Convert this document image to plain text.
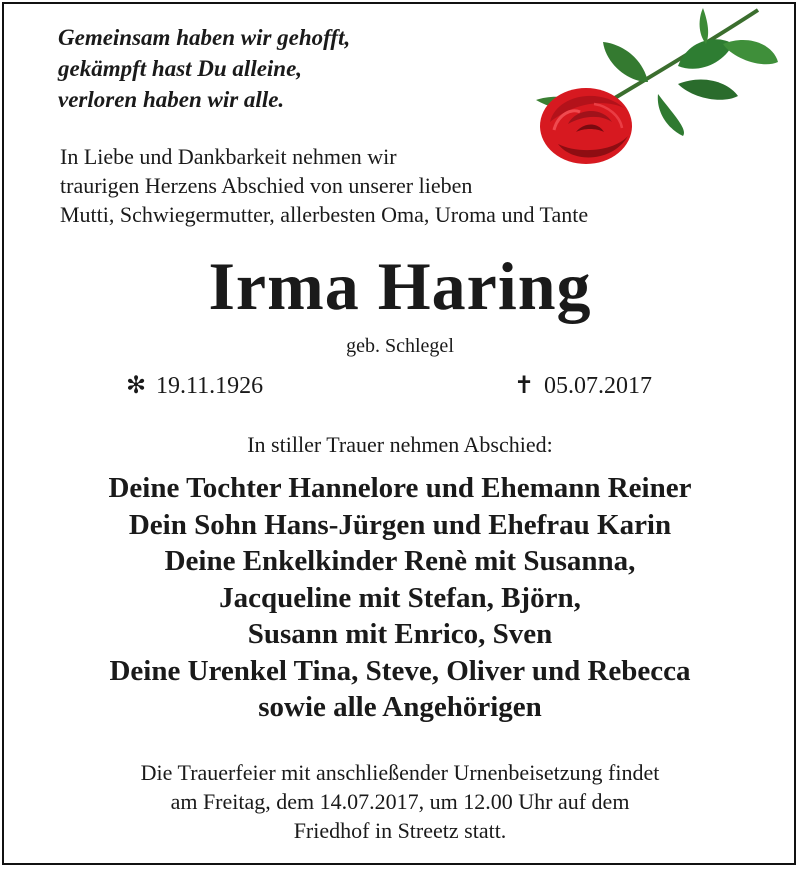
Gemeinsam haben wir gehofft,
gekämpft hast Du alleine,
verloren haben wir alle.
In Liebe und Dankbarkeit nehmen wir
traurigen Herzens Abschied von unserer lieben
Mutti, Schwiegermutter, allerbesten Oma, Uroma und Tante
Irma Haring
geb. Schlegel
✻ 19.11.1926	✝ 05.07.2017
In stiller Trauer nehmen Abschied:
Deine Tochter Hannelore und Ehemann Reiner
Dein Sohn Hans-Jürgen und Ehefrau Karin
Deine Enkelkinder Renè mit Susanna,
Jacqueline mit Stefan, Björn,
Susann mit Enrico, Sven
Deine Urenkel Tina, Steve, Oliver und Rebecca
sowie alle Angehörigen
Die Trauerfeier mit anschließender Urnenbeisetzung findet
am Freitag, dem 14.07.2017, um 12.00 Uhr auf dem
Friedhof in Streetz statt.
